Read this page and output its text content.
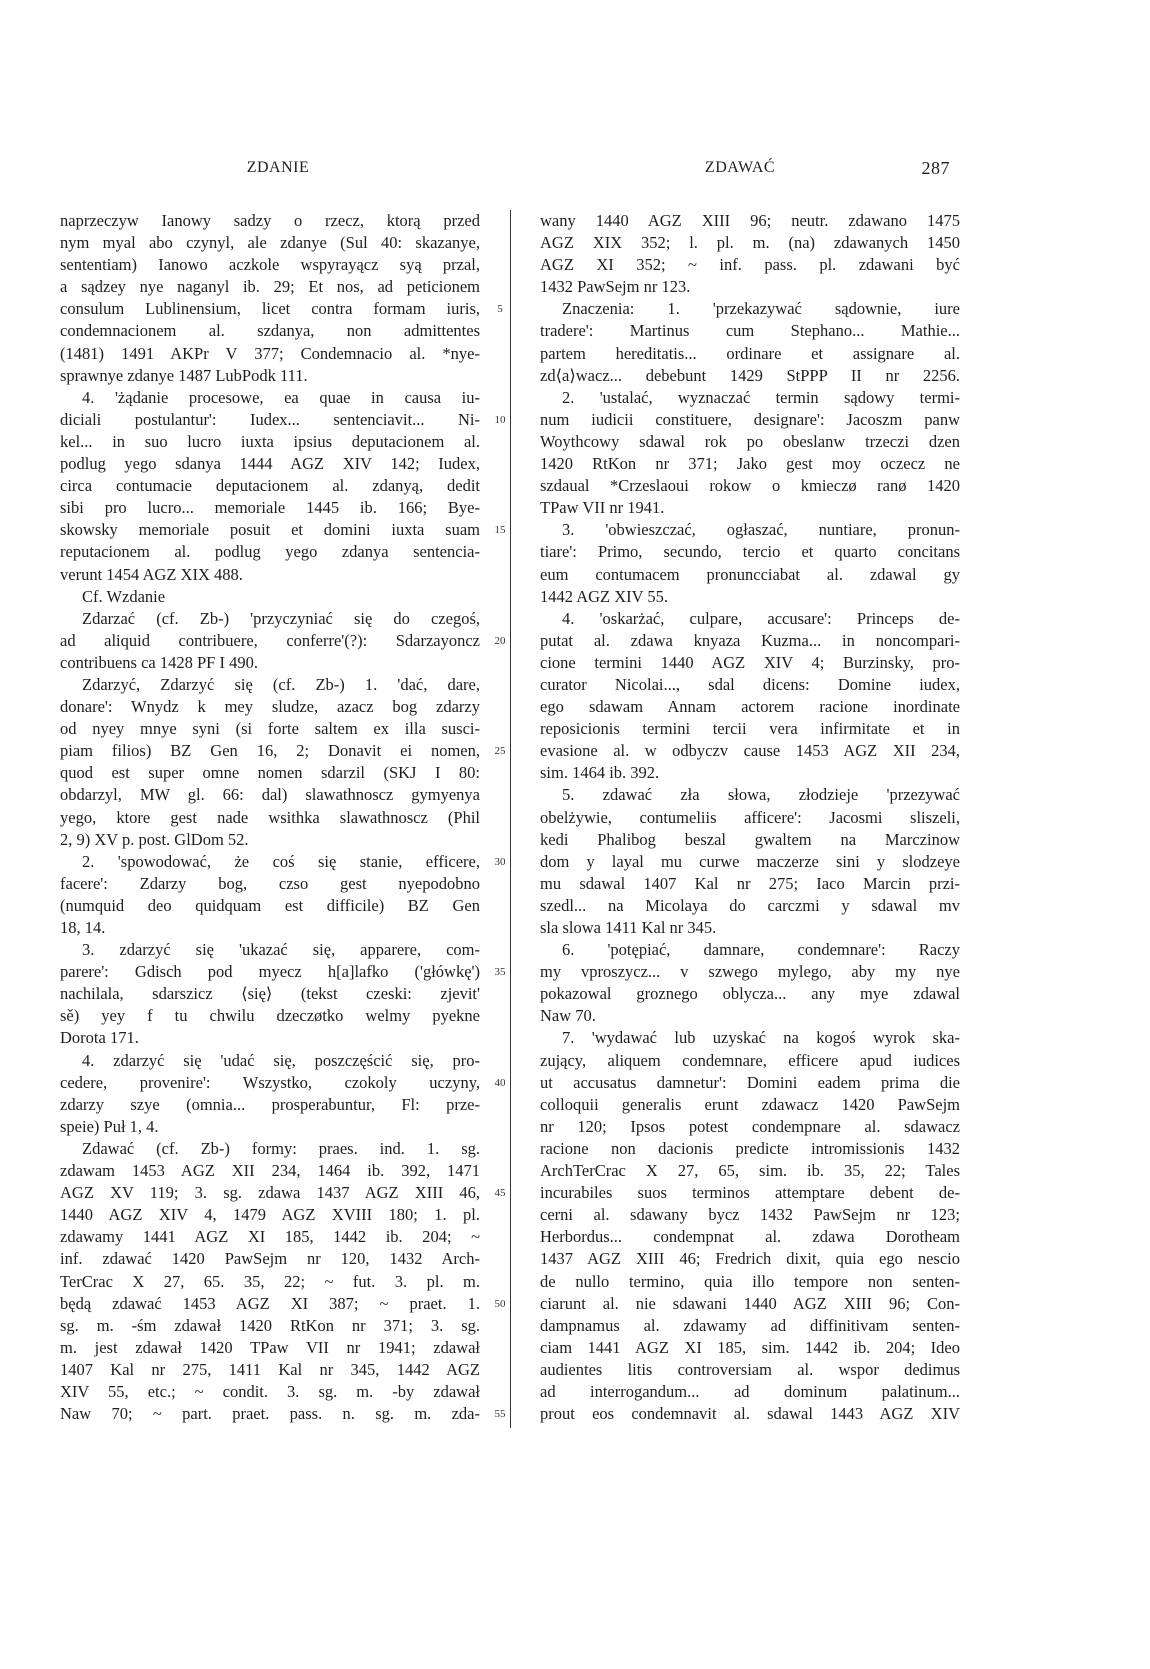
ZDANIE	ZDAWAĆ	287
naprzeczyw Ianowy sadzy o rzecz, ktorą przed
nym myal abo czynyl, ale zdanye (Sul 40: skazanye,
sententiam) Ianowo aczkole wspyrayącz syą przal,
a sądzey nye naganyl ib. 29; Et nos, ad peticionem
consulum Lublinensium, licet contra formam iuris,
condemnacionem al. szdanya, non admittentes
(1481) 1491 AKPr V 377; Condemnacio al. *nye-
sprawnye zdanye 1487 LubPodk 111.
4. 'żądanie procesowe, ea quae in causa iu-
diciali postulantur': Iudex... sentenciavit... Ni-
kel... in suo lucro iuxta ipsius deputacionem al.
podlug yego sdanya 1444 AGZ XIV 142; Iudex,
circa contumacie deputacionem al. zdanyą, dedit
sibi pro lucro... memoriale 1445 ib. 166; Bye-
skowsky memoriale posuit et domini iuxta suam
reputacionem al. podlug yego zdanya sentencia-
verunt 1454 AGZ XIX 488.
Cf. Wzdanie
Zdarzać (cf. Zb-) 'przyczyniać się do czegoś,
ad aliquid contribuere, conferre'(?): Sdarzayoncz
contribuens ca 1428 PF I 490.
Zdarzyć, Zdarzyć się (cf. Zb-) 1. 'dać, dare,
donare': Wnydz k mey sludze, azacz bog zdarzy
od nyey mnye syni (si forte saltem ex illa susci-
piam filios) BZ Gen 16, 2; Donavit ei nomen,
quod est super omne nomen sdarzil (SKJ I 80:
obdarzyl, MW gl. 66: dal) slawathnoscz gymyenya
yego, ktore gest nade wsithka slawathnoscz (Phil
2, 9) XV p. post. GlDom 52.
2. 'spowodować, że coś się stanie, efficere,
facere': Zdarzy bog, czso gest nyepodobno
(numquid deo quidquam est difficile) BZ Gen
18, 14.
3. zdarzyć się 'ukazać się, apparere, com-
parere': Gdisch pod myecz h[a]lafko ('główkę')
nachilala, sdarszicz ⟨się⟩ (tekst czeski: zjevit'
sě) yey f tu chwilu dzeczøtko welmy pyekne
Dorota 171.
4. zdarzyć się 'udać się, poszczęścić się, pro-
cedere, provenire': Wszystko, czokoly uczyny,
zdarzy szye (omnia... prosperabuntur, Fl: prze-
speie) Puł 1, 4.
Zdawać (cf. Zb-) formy: praes. ind. 1. sg.
zdawam 1453 AGZ XII 234, 1464 ib. 392, 1471
AGZ XV 119; 3. sg. zdawa 1437 AGZ XIII 46,
1440 AGZ XIV 4, 1479 AGZ XVIII 180; 1. pl.
zdawamy 1441 AGZ XI 185, 1442 ib. 204; ~
inf. zdawać 1420 PawSejm nr 120, 1432 Arch-
TerCrac X 27, 65. 35, 22; ~ fut. 3. pl. m.
będą zdawać 1453 AGZ XI 387; ~ praet. 1.
sg. m. -śm zdawał 1420 RtKon nr 371; 3. sg.
m. jest zdawał 1420 TPaw VII nr 1941; zdawał
1407 Kal nr 275, 1411 Kal nr 345, 1442 AGZ
XIV 55, etc.; ~ condit. 3. sg. m. -by zdawał
Naw 70; ~ part. praet. pass. n. sg. m. zda-
5
10
15
20
25
30
35
40
45
50
55
wany 1440 AGZ XIII 96; neutr. zdawano 1475
AGZ XIX 352; l. pl. m. (na) zdawanych 1450
AGZ XI 352; ~ inf. pass. pl. zdawani być
1432 PawSejm nr 123.
Znaczenia: 1. 'przekazywać sądownie, iure
tradere': Martinus cum Stephano... Mathie...
partem hereditatis... ordinare et assignare al.
zd⟨a⟩wacz... debebunt 1429 StPPP II nr 2256.
2. 'ustalać, wyznaczać termin sądowy termi-
num iudicii constituere, designare': Jacoszm panw
Woythcowy sdawal rok po obeslanw trzeczi dzen
1420 RtKon nr 371; Jako gest moy oczecz ne
szdaual *Crzeslaoui rokow o kmieczø ranø 1420
TPaw VII nr 1941.
3. 'obwieszczać, ogłaszać, nuntiare, pronun-
tiare': Primo, secundo, tercio et quarto concitans
eum contumacem pronuncciabat al. zdawal gy
1442 AGZ XIV 55.
4. 'oskarżać, culpare, accusare': Princeps de-
putat al. zdawa knyaza Kuzma... in noncompari-
cione termini 1440 AGZ XIV 4; Burzinsky, pro-
curator Nicolai..., sdal dicens: Domine iudex,
ego sdawam Annam actorem racione inordinate
reposicionis termini tercii vera infirmitate et in
evasione al. w odbyczv cause 1453 AGZ XII 234,
sim. 1464 ib. 392.
5. zdawać zła słowa, złodzieje 'przezywać
obelżywie, contumeliis afficere': Jacosmi sliszeli,
kedi Phalibog beszal gwaltem na Marczinow
dom y layal mu curwe maczerze sini y slodzeye
mu sdawal 1407 Kal nr 275; Iaco Marcin przi-
szedl... na Micolaya do carczmi y sdawal mv
sla slowa 1411 Kal nr 345.
6. 'potępiać, damnare, condemnare': Raczy
my vproszycz... v szwego mylego, aby my nye
pokazowal groznego oblycza... any mye zdawal
Naw 70.
7. 'wydawać lub uzyskać na kogoś wyrok ska-
zujący, aliquem condemnare, efficere apud iudices
ut accusatus damnetur': Domini eadem prima die
colloquii generalis erunt zdawacz 1420 PawSejm
nr 120; Ipsos potest condempnare al. sdawacz
racione non dacionis predicte intromissionis 1432
ArchTerCrac X 27, 65, sim. ib. 35, 22; Tales
incurabiles suos terminos attemptare debent de-
cerni al. sdawany bycz 1432 PawSejm nr 123;
Herbordus... condempnat al. zdawa Dorotheam
1437 AGZ XIII 46; Fredrich dixit, quia ego nescio
de nullo termino, quia illo tempore non senten-
ciarunt al. nie sdawani 1440 AGZ XIII 96; Con-
dampnamus al. zdawamy ad diffinitivam senten-
ciam 1441 AGZ XI 185, sim. 1442 ib. 204; Ideo
audientes litis controversiam al. wspor dedimus
ad interrogandum... ad dominum palatinum...
prout eos condemnavit al. sdawal 1443 AGZ XIV
